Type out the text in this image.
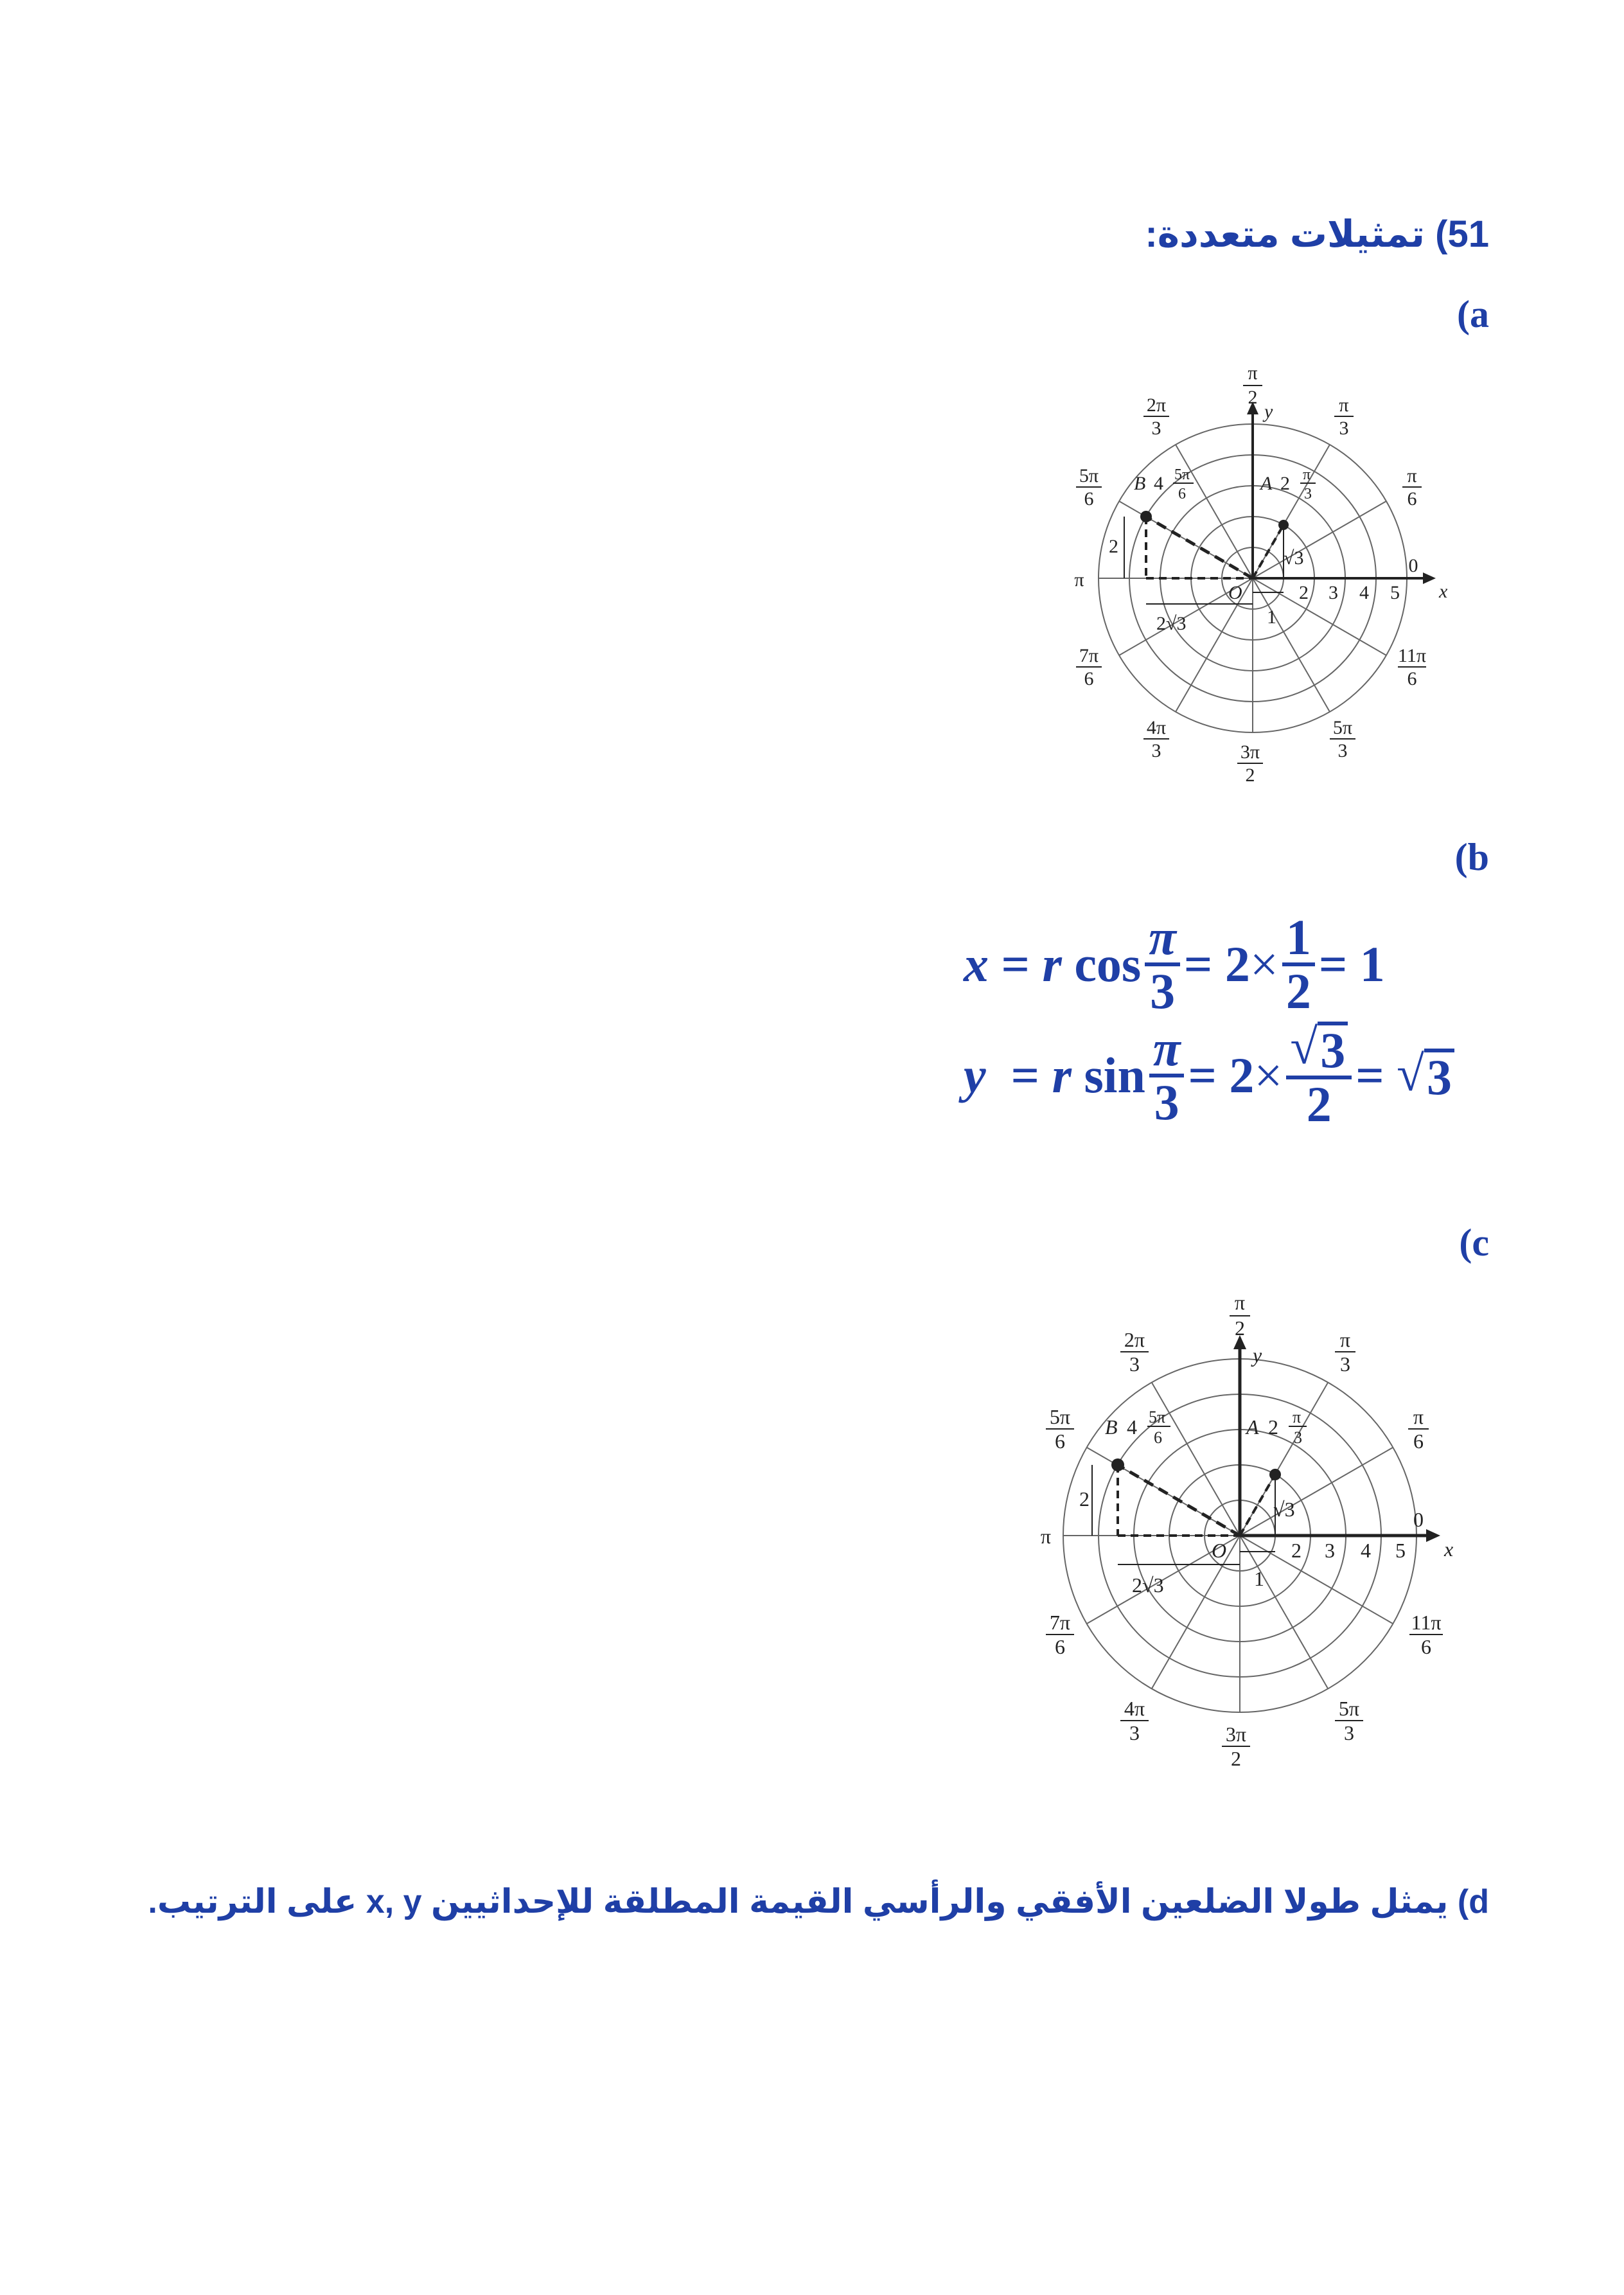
51) تمثيلات متعددة:
(a
π
2	π
3
π
6
0
2π
3
5π
6
π
7π
6
4π
3	3π
2
5π
3
11π
6
y
x
O	2 3 4 5
1
√3
2
2√3
B 4 5π
6	A 2 π
3
(b
x = r
$\cos \frac{\pi}{3} = 2 \times \frac{1}{2} = 1$
y = r
$\sin \frac{\pi}{3} = 2 \times \frac{√ 3}{2}$ = √ 3
(c
π
2	π
3
π
6
0
2π
3
5π
6
π
7π
6
4π
3	3π
2
5π
3
11π
6
y
x
O	2 3 4 5
1
√3
2
2√3
B 4 5π
6	A 2 π
3
d) يمثل طولا الضلعين الأفقي والرأسي القيمة المطلقة للإحداثيين x, y على الترتيب.
